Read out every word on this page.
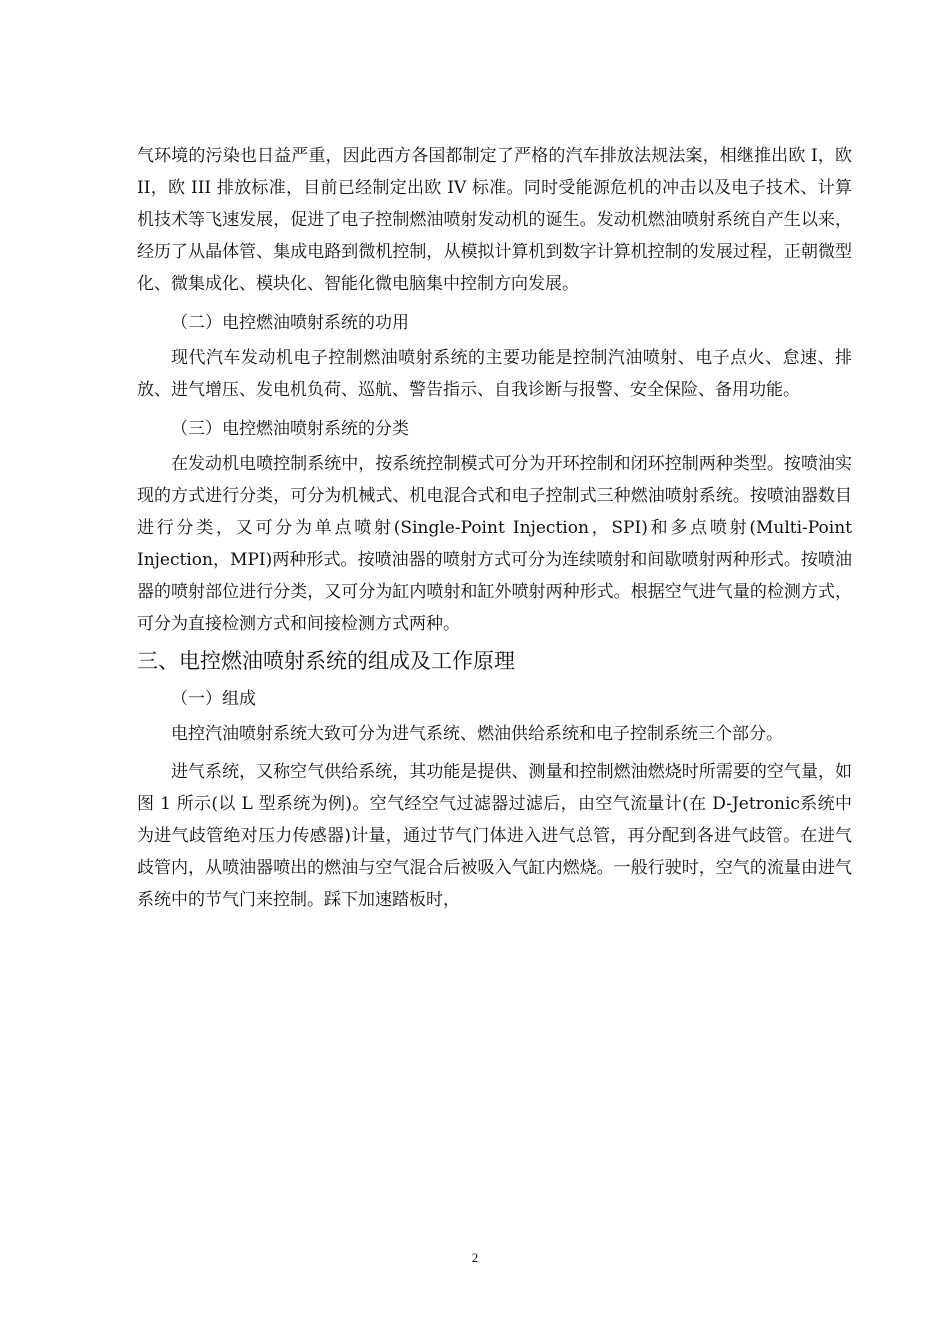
气环境的污染也日益严重，因此西方各国都制定了严格的汽车排放法规法案，相继推出欧 I，欧 II，欧 III 排放标准，目前已经制定出欧 IV 标准。同时受能源危机的冲击以及电子技术、计算机技术等飞速发展，促进了电子控制燃油喷射发动机的诞生。发动机燃油喷射系统自产生以来，经历了从晶体管、集成电路到微机控制，从模拟计算机到数字计算机控制的发展过程，正朝微型化、微集成化、模块化、智能化微电脑集中控制方向发展。

（二）电控燃油喷射系统的功用

现代汽车发动机电子控制燃油喷射系统的主要功能是控制汽油喷射、电子点火、怠速、排放、进气增压、发电机负荷、巡航、警告指示、自我诊断与报警、安全保险、备用功能。

（三）电控燃油喷射系统的分类

在发动机电喷控制系统中，按系统控制模式可分为开环控制和闭环控制两种类型。按喷油实现的方式进行分类，可分为机械式、机电混合式和电子控制式三种燃油喷射系统。按喷油器数目进行分类，又可分为单点喷射(Single-Point Injection，SPI)和多点喷射(Multi-Point Injection，MPI)两种形式。按喷油器的喷射方式可分为连续喷射和间歇喷射两种形式。按喷油器的喷射部位进行分类，又可分为缸内喷射和缸外喷射两种形式。根据空气进气量的检测方式，可分为直接检测方式和间接检测方式两种。

三、电控燃油喷射系统的组成及工作原理
（一）组成

电控汽油喷射系统大致可分为进气系统、燃油供给系统和电子控制系统三个部分。

进气系统，又称空气供给系统，其功能是提供、测量和控制燃油燃烧时所需要的空气量，如图 1 所示(以 L 型系统为例)。空气经空气过滤器过滤后，由空气流量计(在 D-Jetronic系统中为进气歧管绝对压力传感器)计量，通过节气门体进入进气总管，再分配到各进气歧管。在进气歧管内，从喷油器喷出的燃油与空气混合后被吸入气缸内燃烧。一般行驶时，空气的流量由进气系统中的节气门来控制。踩下加速踏板时，

2
